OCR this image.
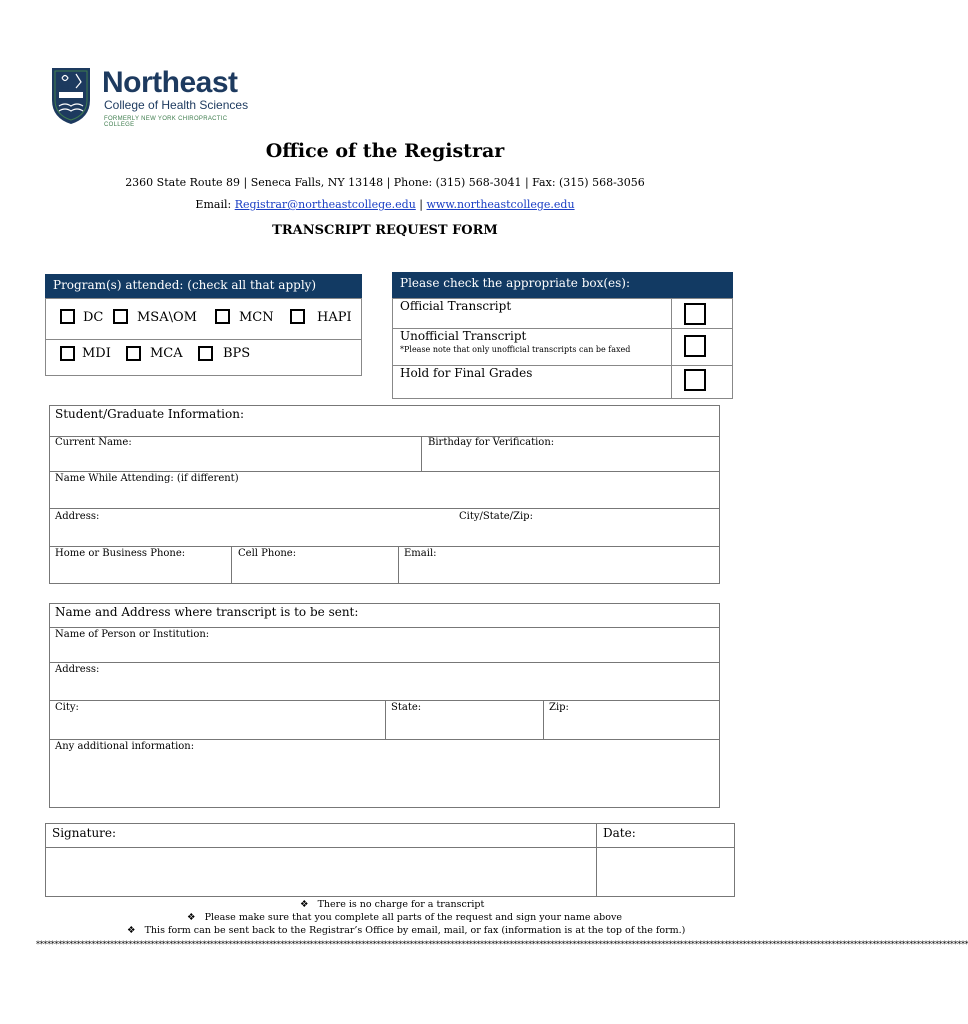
1919 Northeast
College of Health Sciences
FORMERLY NEW YORK CHIROPRACTIC COLLEGE
Office of the Registrar
2360 State Route 89 | Seneca Falls, NY 13148 | Phone: (315) 568-3041 | Fax: (315) 568-3056
Email: Registrar@northeastcollege.edu | www.northeastcollege.edu
TRANSCRIPT REQUEST FORM
Program(s) attended: (check all that apply)
DC	MSA\OM	MCN	HAPI
MDI	MCA	BPS
Please check the appropriate box(es):
Official Transcript
Unofficial Transcript
*Please note that only unofficial transcripts can be faxed
Hold for Final Grades
Student/Graduate Information:
Current Name:	Birthday for Verification:
Name While Attending: (if different)
Address:	City/State/Zip:
Home or Business Phone:	Cell Phone:	Email:
Name and Address where transcript is to be sent:
Name of Person or Institution:
Address:
City:	State:	Zip:
Any additional information:
Signature:	Date:
❖ There is no charge for a transcript
❖ Please make sure that you complete all parts of the request and sign your name above
❖ This form can be sent back to the Registrar’s Office by email, mail, or fax (information is at the top of the form.)
************************************************************************************************************************************************************************************************************************************************************
